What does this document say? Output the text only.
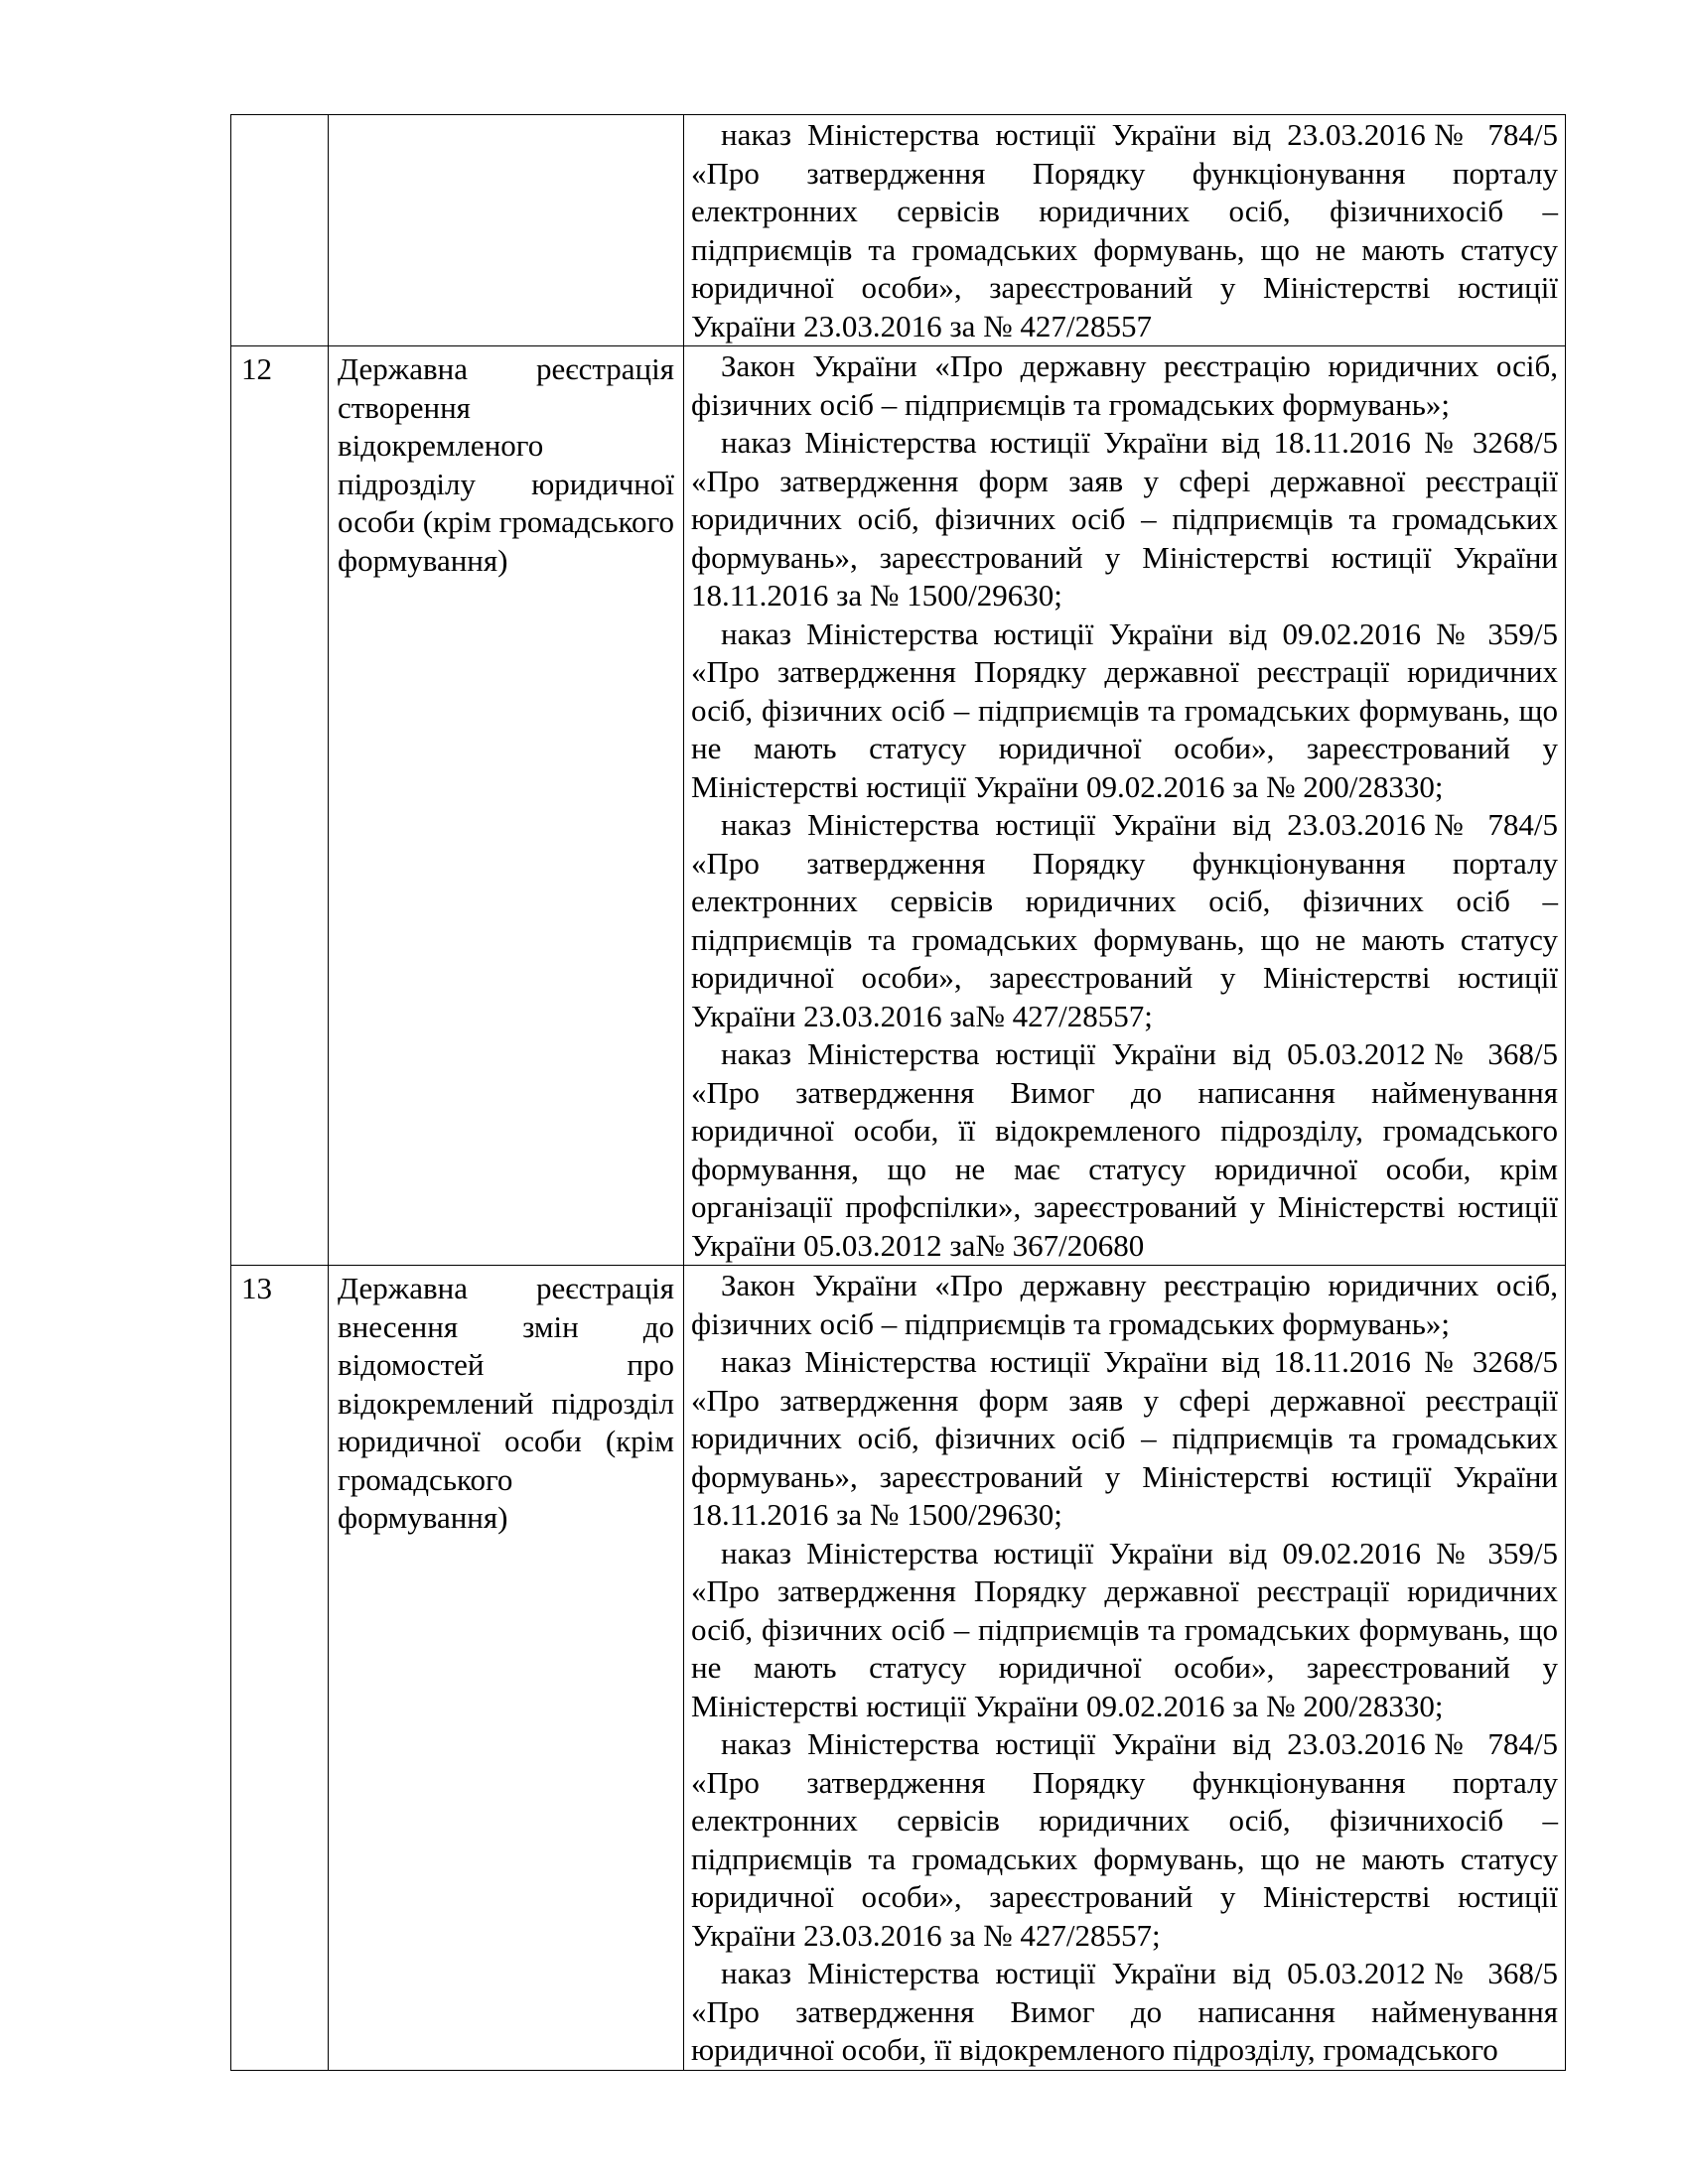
		наказ Міністерства юстиції України від 23.03.2016№ 784/5 «Про затвердження Порядку функціонування порталу електронних сервісів юридичних осіб, фізичнихосіб – підприємців та громадських формувань, що не мають статусу юридичної особи», зареєстрований у Міністерстві юстиції України 23.03.2016 за № 427/28557

12	Державна реєстрація створення відокремленого підрозділу юридичної особи (крім громадського формування)	Закон України «Про державну реєстрацію юридичних осіб, фізичних осіб – підприємців та громадських формувань»;

наказ Міністерства юстиції України від 18.11.2016 № 3268/5 «Про затвердження форм заяв у сфері державної реєстрації юридичних осіб, фізичних осіб – підприємців та громадських формувань», зареєстрований у Міністерстві юстиції України 18.11.2016 за № 1500/29630;

наказ Міністерства юстиції України від 09.02.2016 № 359/5 «Про затвердження Порядку державної реєстрації юридичних осіб, фізичних осіб – підприємців та громадських формувань, що не мають статусу юридичної особи», зареєстрований у Міністерстві юстиції України 09.02.2016 за № 200/28330;

наказ Міністерства юстиції України від 23.03.2016№ 784/5 «Про затвердження Порядку функціонування порталу електронних сервісів юридичних осіб, фізичних осіб – підприємців та громадських формувань, що не мають статусу юридичної особи», зареєстрований у Міністерстві юстиції України 23.03.2016 за№ 427/28557;

наказ Міністерства юстиції України від 05.03.2012№ 368/5 «Про затвердження Вимог до написання найменування юридичної особи, її відокремленого підрозділу, громадського формування, що не має статусу юридичної особи, крім організації профспілки», зареєстрований у Міністерстві юстиції України 05.03.2012 за№ 367/20680

13	Державна реєстрація внесення змін до відомостей про відокремлений підрозділ юридичної особи (крім громадського формування)	Закон України «Про державну реєстрацію юридичних осіб, фізичних осіб – підприємців та громадських формувань»;

наказ Міністерства юстиції України від 18.11.2016 № 3268/5 «Про затвердження форм заяв у сфері державної реєстрації юридичних осіб, фізичних осіб – підприємців та громадських формувань», зареєстрований у Міністерстві юстиції України 18.11.2016 за № 1500/29630;

наказ Міністерства юстиції України від 09.02.2016 № 359/5 «Про затвердження Порядку державної реєстрації юридичних осіб, фізичних осіб – підприємців та громадських формувань, що не мають статусу юридичної особи», зареєстрований у Міністерстві юстиції України 09.02.2016 за № 200/28330;

наказ Міністерства юстиції України від 23.03.2016№ 784/5 «Про затвердження Порядку функціонування порталу електронних сервісів юридичних осіб, фізичнихосіб – підприємців та громадських формувань, що не мають статусу юридичної особи», зареєстрований у Міністерстві юстиції України 23.03.2016 за № 427/28557;

наказ Міністерства юстиції України від 05.03.2012№ 368/5 «Про затвердження Вимог до написання найменування юридичної особи, її відокремленого підрозділу, громадського
